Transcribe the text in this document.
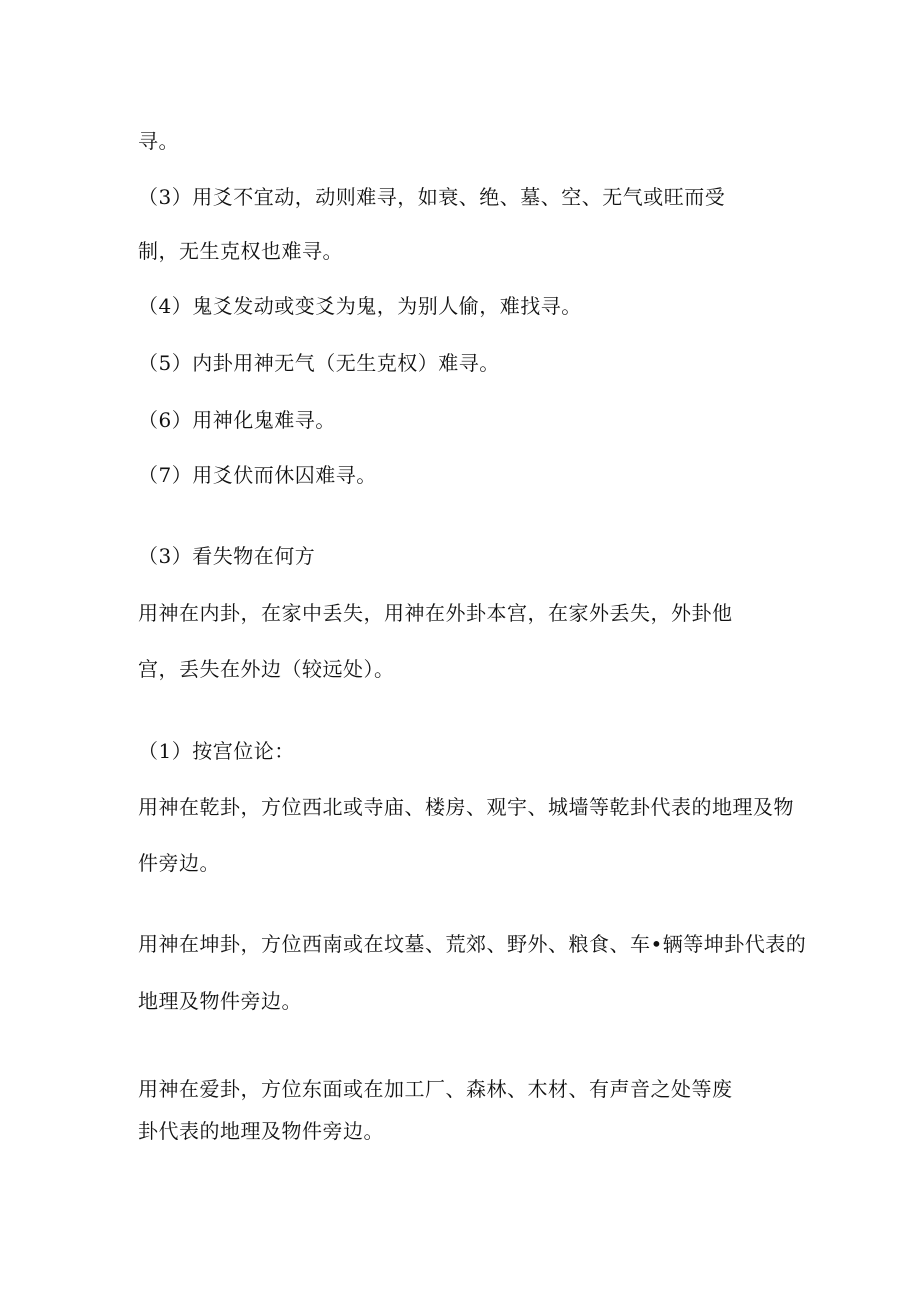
寻。

（3）用爻不宜动，动则难寻，如衰、绝、墓、空、无气或旺而受

制，无生克权也难寻。

（4）鬼爻发动或变爻为鬼，为别人偷，难找寻。

（5）内卦用神无气（无生克权）难寻。

（6）用神化鬼难寻。

（7）用爻伏而休囚难寻。

（3）看失物在何方

用神在内卦，在家中丢失，用神在外卦本宫，在家外丢失，外卦他

宫，丢失在外边（较远处）。

（1）按宫位论：

用神在乾卦，方位西北或寺庙、楼房、观宇、城墙等乾卦代表的地理及物

件旁边。

用神在坤卦，方位西南或在坟墓、荒郊、野外、粮食、车•辆等坤卦代表的

地理及物件旁边。

用神在爱卦，方位东面或在加工厂、森林、木材、有声音之处等废

卦代表的地理及物件旁边。
